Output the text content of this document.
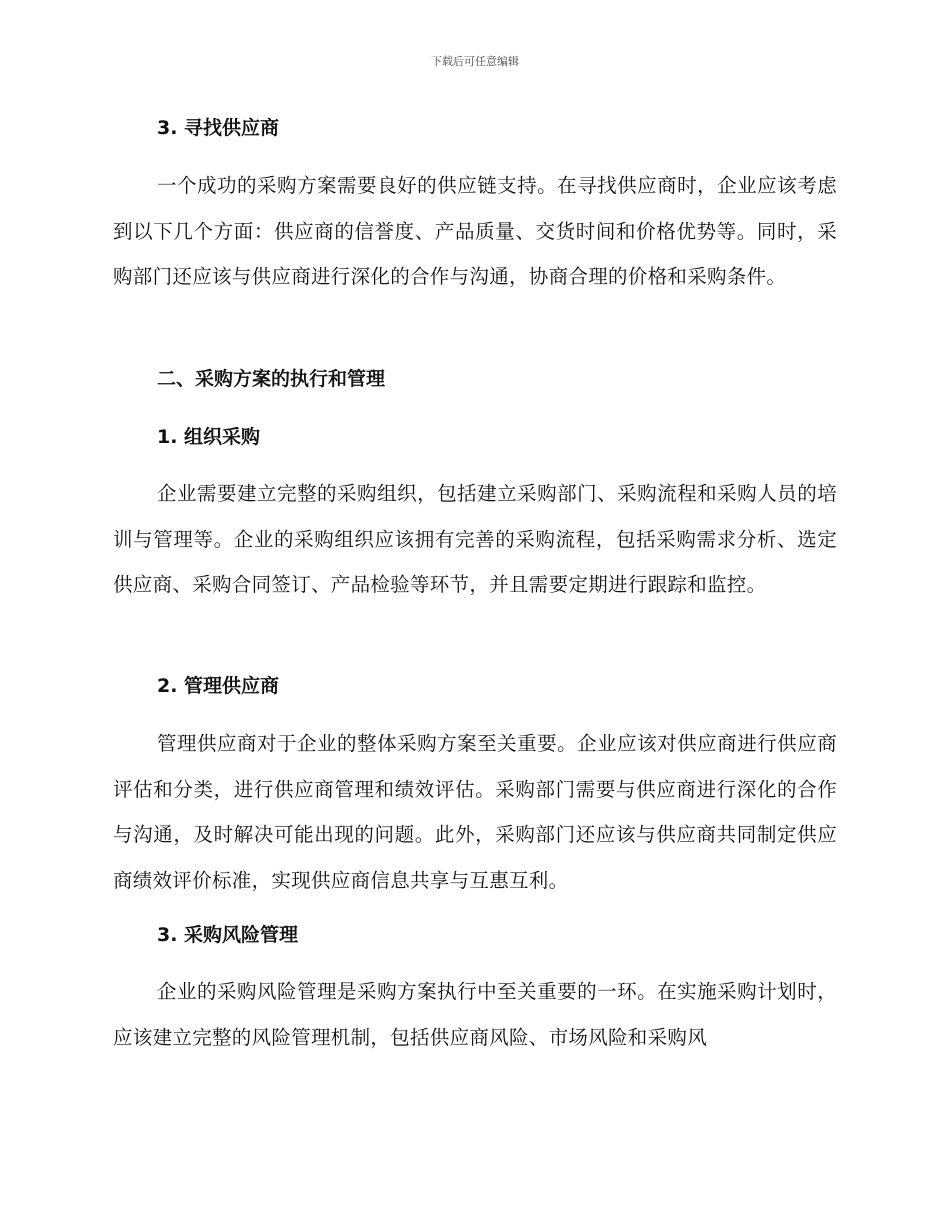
下载后可任意编辑
3. 寻找供应商
一个成功的采购方案需要良好的供应链支持。在寻找供应商时，企业应该考虑到以下几个方面：供应商的信誉度、产品质量、交货时间和价格优势等。同时，采购部门还应该与供应商进行深化的合作与沟通，协商合理的价格和采购条件。
二、采购方案的执行和管理
1. 组织采购
企业需要建立完整的采购组织，包括建立采购部门、采购流程和采购人员的培训与管理等。企业的采购组织应该拥有完善的采购流程，包括采购需求分析、选定供应商、采购合同签订、产品检验等环节，并且需要定期进行跟踪和监控。
2. 管理供应商
管理供应商对于企业的整体采购方案至关重要。企业应该对供应商进行供应商评估和分类，进行供应商管理和绩效评估。采购部门需要与供应商进行深化的合作与沟通，及时解决可能出现的问题。此外，采购部门还应该与供应商共同制定供应商绩效评价标准，实现供应商信息共享与互惠互利。
3. 采购风险管理
企业的采购风险管理是采购方案执行中至关重要的一环。在实施采购计划时，应该建立完整的风险管理机制，包括供应商风险、市场风险和采购风
